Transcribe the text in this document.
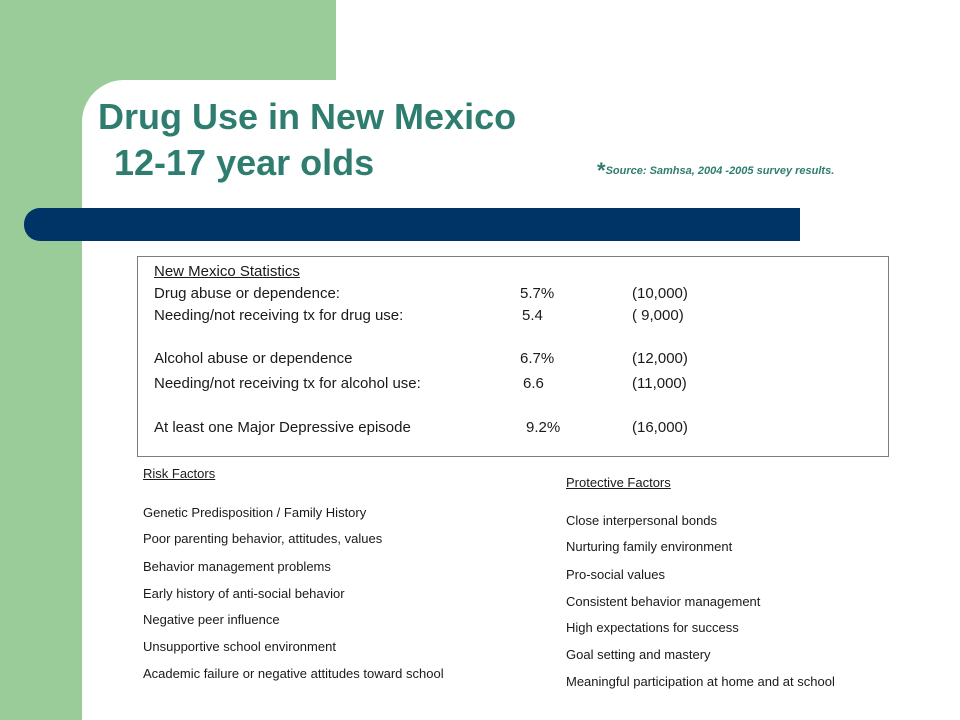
Drug Use in New Mexico
12-17 year olds	*Source: Samhsa, 2004 -2005 survey results.
New Mexico Statistics
Drug abuse or dependence:	5.7%	(10,000)
Needing/not receiving tx for drug use:	5.4	( 9,000)
Alcohol abuse or dependence	6.7%	(12,000)
Needing/not receiving tx for alcohol use:	6.6	(11,000)
At least one Major Depressive episode	9.2%	(16,000)
Risk Factors
Genetic Predisposition / Family History
Poor parenting behavior, attitudes, values
Behavior management problems
Early history of anti-social behavior
Negative peer influence
Unsupportive school environment
Academic failure or negative attitudes toward school
Protective Factors
Close interpersonal bonds
Nurturing family environment
Pro-social values
Consistent behavior management
High expectations for success
Goal setting and mastery
Meaningful participation at home and at school
